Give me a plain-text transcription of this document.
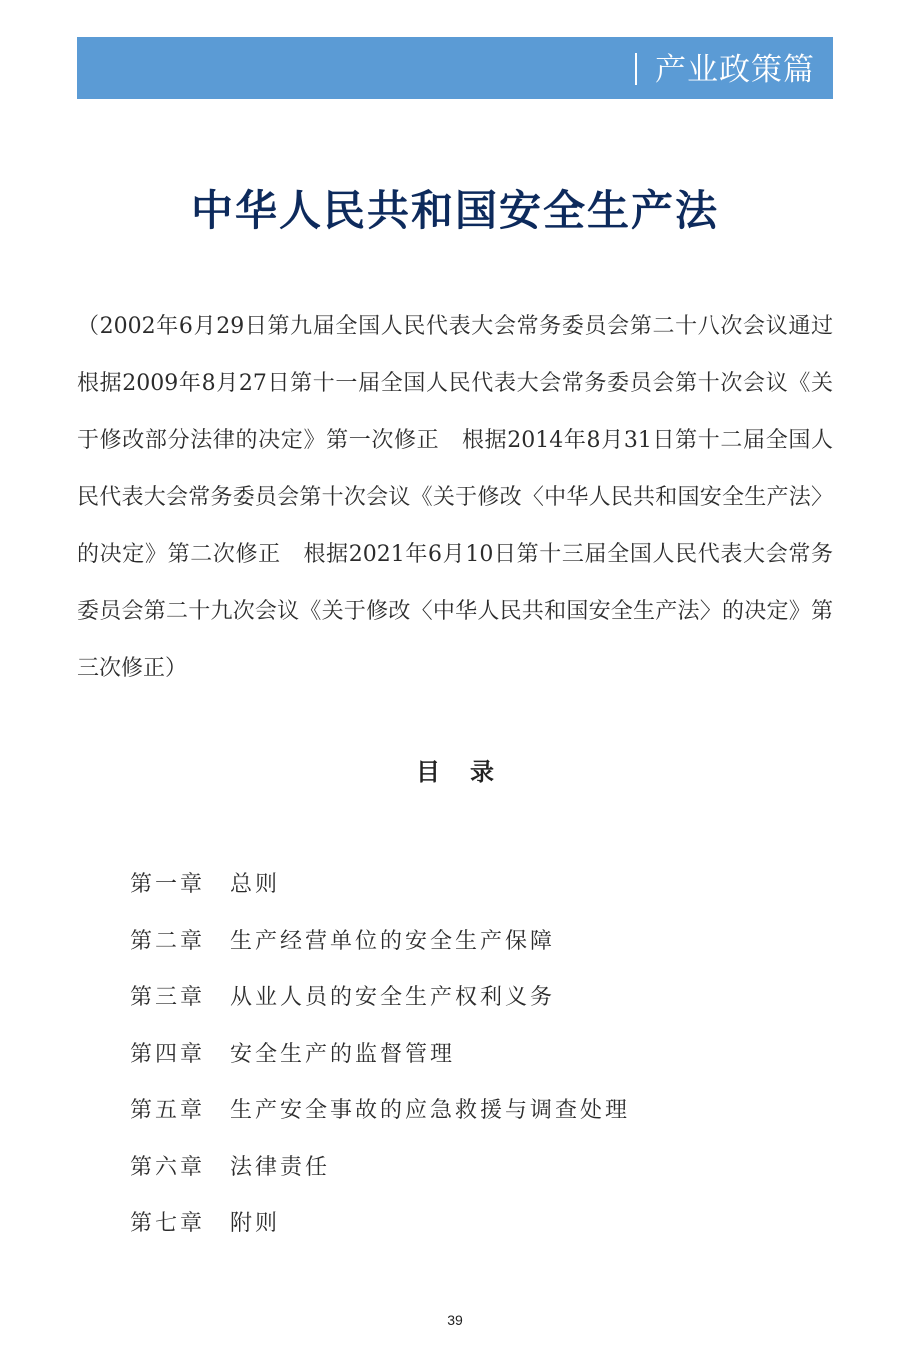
产业政策篇
中华人民共和国安全生产法

（2002年6月29日第九届全国人民代表大会常务委员会第二十八次会议通过　根据2009年8月27日第十一届全国人民代表大会常务委员会第十次会议《关于修改部分法律的决定》第一次修正　根据2014年8月31日第十二届全国人民代表大会常务委员会第十次会议《关于修改〈中华人民共和国安全生产法〉的决定》第二次修正　根据2021年6月10日第十三届全国人民代表大会常务委员会第二十九次会议《关于修改〈中华人民共和国安全生产法〉的决定》第三次修正）

目录
第一章 总则
第二章 生产经营单位的安全生产保障
第三章 从业人员的安全生产权利义务
第四章 安全生产的监督管理
第五章 生产安全事故的应急救援与调查处理
第六章 法律责任
第七章 附则
39
